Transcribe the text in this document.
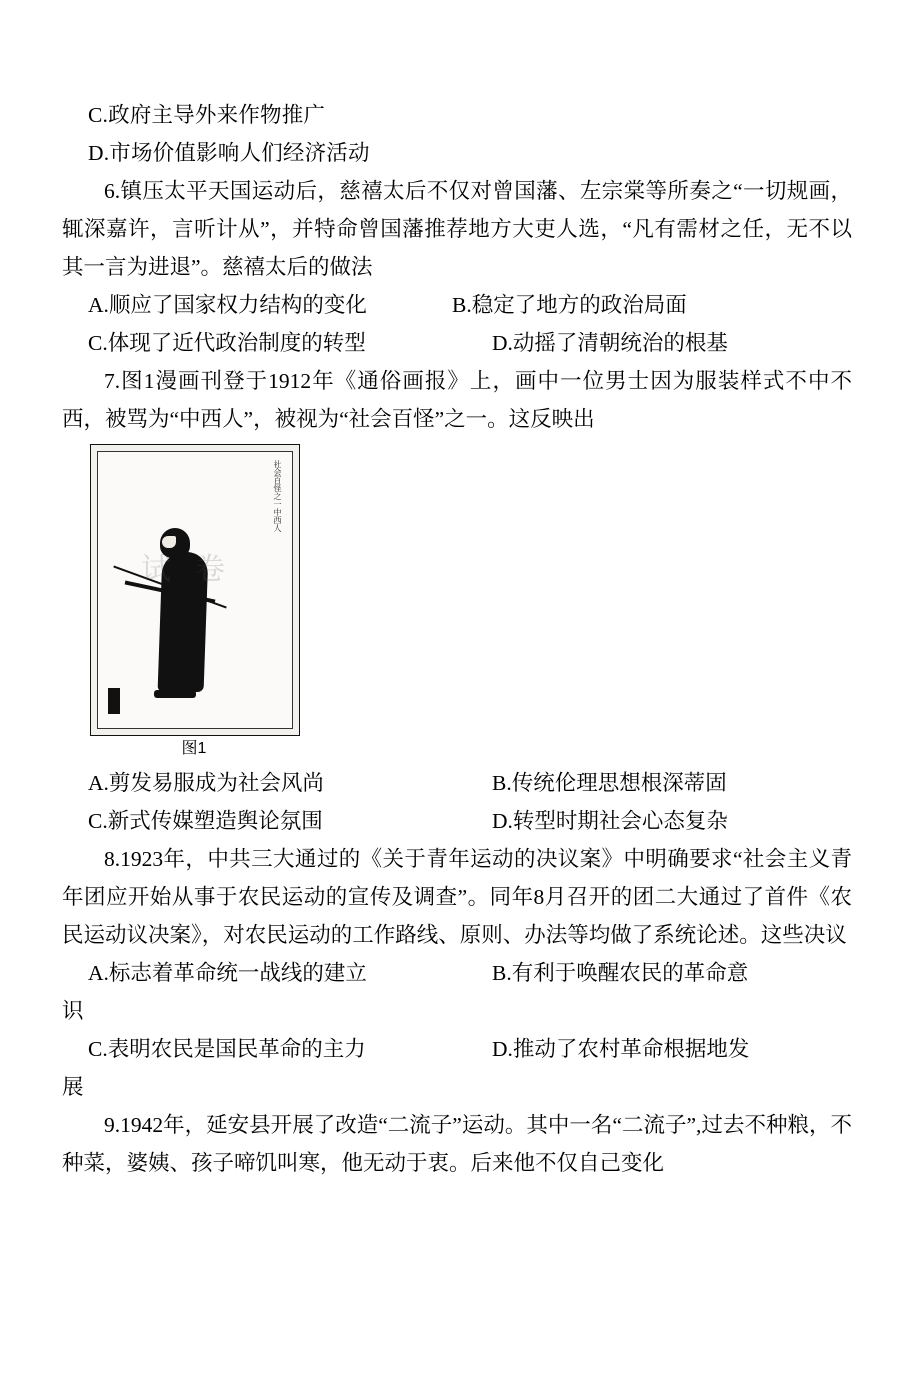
C.政府主导外来作物推广
D.市场价值影响人们经济活动
6.镇压太平天国运动后，慈禧太后不仅对曾国藩、左宗棠等所奏之“一切规画，辄深嘉许，言听计从”，并特命曾国藩推荐地方大吏人选，“凡有需材之任，无不以其一言为进退”。慈禧太后的做法
A.顺应了国家权力结构的变化	B.稳定了地方的政治局面
C.体现了近代政治制度的转型	D.动摇了清朝统治的根基
7.图1漫画刊登于1912年《通俗画报》上，画中一位男士因为服装样式不中不西，被骂为“中西人”，被视为“社会百怪”之一。这反映出
社会百怪之一中西人
试卷
图1
A.剪发易服成为社会风尚	B.传统伦理思想根深蒂固
C.新式传媒塑造舆论氛围	D.转型时期社会心态复杂
8.1923年，中共三大通过的《关于青年运动的决议案》中明确要求“社会主义青年团应开始从事于农民运动的宣传及调查”。同年8月召开的团二大通过了首件《农民运动议决案》，对农民运动的工作路线、原则、办法等均做了系统论述。这些决议
A.标志着革命统一战线的建立	B.有利于唤醒农民的革命意
识
C.表明农民是国民革命的主力	D.推动了农村革命根据地发
展
9.1942年，延安县开展了改造“二流子”运动。其中一名“二流子”,过去不种粮，不种菜，婆姨、孩子啼饥叫寒，他无动于衷。后来他不仅自己变化
